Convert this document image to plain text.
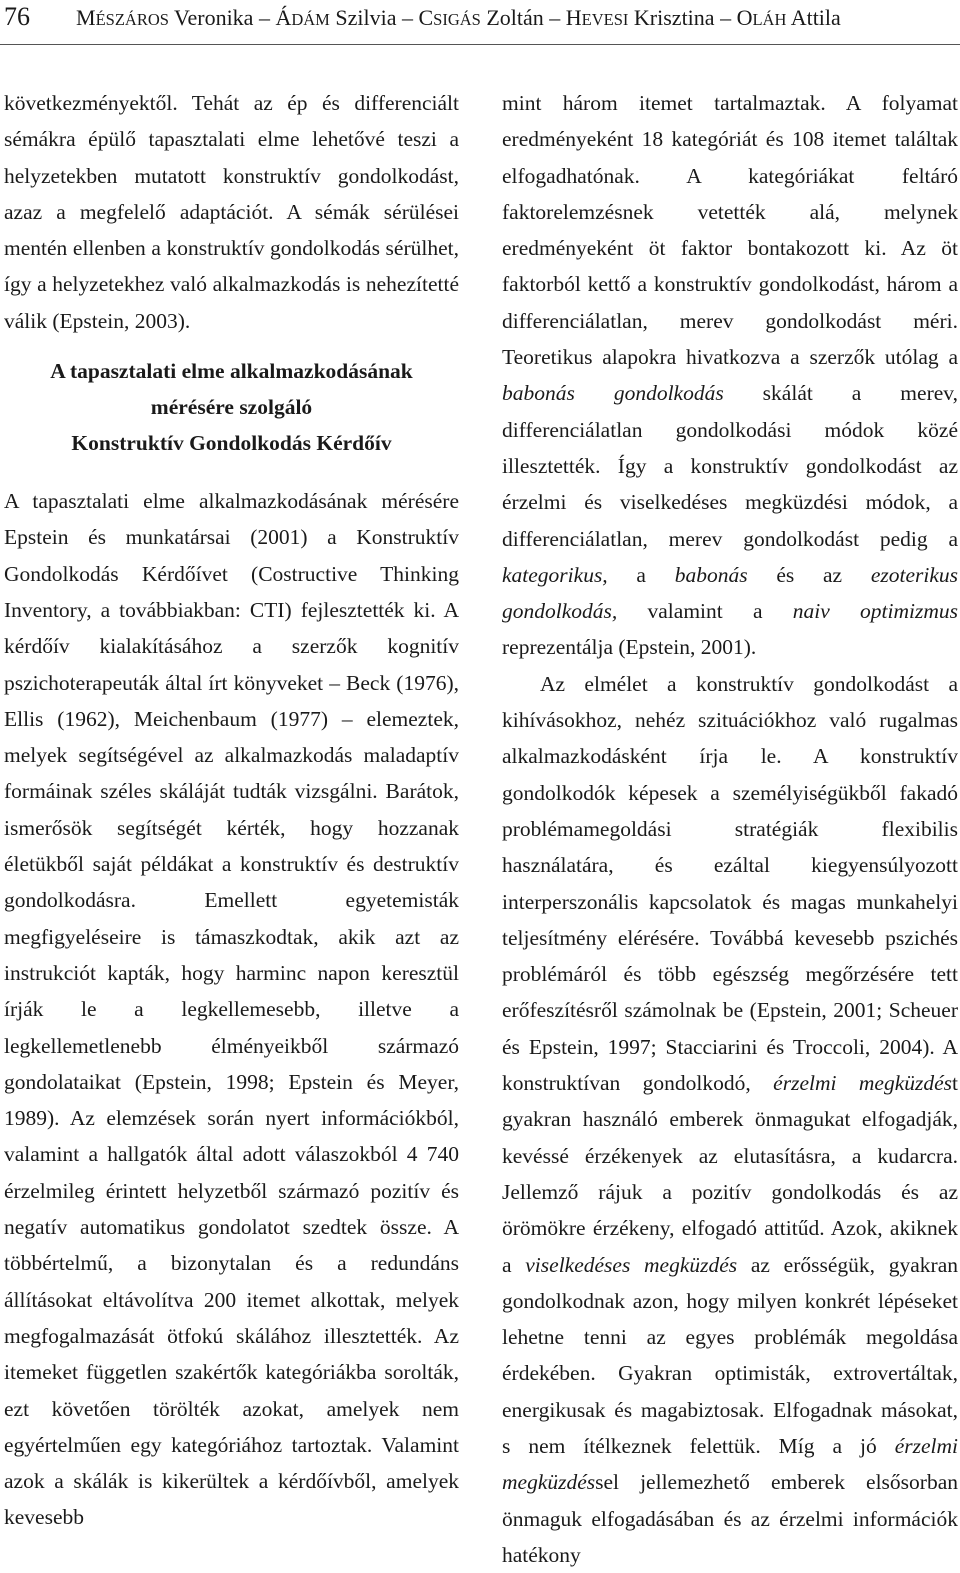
76 MÉSZÁROS Veronika – ÁDÁM Szilvia – CSIGÁS Zoltán – HEVESI Krisztina – OLÁH Attila

következményektől. Tehát az ép és differenciált sémákra épülő tapasztalati elme lehetővé teszi a helyzetekben mutatott konstruktív gondolkodást, azaz a megfelelő adaptációt. A sémák sérülései mentén ellenben a konstruktív gondolkodás sérülhet, így a helyzetekhez való alkalmazkodás is nehezítetté válik (Epstein, 2003).

A tapasztalati elme alkalmazkodásának
mérésére szolgáló
Konstruktív Gondolkodás Kérdőív

A tapasztalati elme alkalmazkodásának mérésére Epstein és munkatársai (2001) a Konstruktív Gondolkodás Kérdőívet (Costructive Thinking Inventory, a továbbiakban: CTI) fejlesztették ki. A kérdőív kialakításához a szerzők kognitív pszichoterapeuták által írt könyveket – Beck (1976), Ellis (1962), Meichenbaum (1977) – elemeztek, melyek segítségével az alkalmazkodás maladaptív formáinak széles skáláját tudták vizsgálni. Barátok, ismerősök segítségét kérték, hogy hozzanak életükből saját példákat a konstruktív és destruktív gondolkodásra. Emellett egyetemisták megfigyeléseire is támaszkodtak, akik azt az instrukciót kapták, hogy harminc napon keresztül írják le a legkellemesebb, illetve a legkellemetlenebb élményeikből származó gondolataikat (Epstein, 1998; Epstein és Meyer, 1989). Az elemzések során nyert információkból, valamint a hallgatók által adott válaszokból 4 740 érzelmileg érintett helyzetből származó pozitív és negatív automatikus gondolatot szedtek össze. A többértelmű, a bizonytalan és a redundáns állításokat eltávolítva 200 itemet alkottak, melyek megfogalmazását ötfokú skálához illesztették. Az itemeket független szakértők kategóriákba sorolták, ezt követően törölték azokat, amelyek nem egyértelműen egy kategóriához tartoztak. Valamint azok a skálák is kikerültek a kérdőívből, amelyek kevesebb

mint három itemet tartalmaztak. A folyamat eredményeként 18 kategóriát és 108 itemet találtak elfogadhatónak. A kategóriákat feltáró faktorelemzésnek vetették alá, melynek eredményeként öt faktor bontakozott ki. Az öt faktorból kettő a konstruktív gondolkodást, három a differenciálatlan, merev gondolkodást méri. Teoretikus alapokra hivatkozva a szerzők utólag a babonás gondolkodás skálát a merev, differenciálatlan gondolkodási módok közé illesztették. Így a konstruktív gondolkodást az érzelmi és viselkedéses megküzdési módok, a differenciálatlan, merev gondolkodást pedig a kategorikus, a babonás és az ezoterikus gondolkodás, valamint a naiv optimizmus reprezentálja (Epstein, 2001).

Az elmélet a konstruktív gondolkodást a kihívásokhoz, nehéz szituációkhoz való rugalmas alkalmazkodásként írja le. A konstruktív gondolkodók képesek a személyiségükből fakadó problémamegoldási stratégiák flexibilis használatára, és ezáltal kiegyensúlyozott interperszonális kapcsolatok és magas munkahelyi teljesítmény elérésére. Továbbá kevesebb pszichés problémáról és több egészség megőrzésére tett erőfeszítésről számolnak be (Epstein, 2001; Scheuer és Epstein, 1997; Stacciarini és Troccoli, 2004). A konstruktívan gondolkodó, érzelmi megküzdést gyakran használó emberek önmagukat elfogadják, kevéssé érzékenyek az elutasításra, a kudarcra. Jellemző rájuk a pozitív gondolkodás és az örömökre érzékeny, elfogadó attitűd. Azok, akiknek a viselkedéses megküzdés az erősségük, gyakran gondolkodnak azon, hogy milyen konkrét lépéseket lehetne tenni az egyes problémák megoldása érdekében. Gyakran optimisták, extrovertáltak, energikusak és magabiztosak. Elfogadnak másokat, s nem ítélkeznek felettük. Míg a jó érzelmi megküzdéssel jellemezhető emberek elsősorban önmaguk elfogadásában és az érzelmi információk hatékony
